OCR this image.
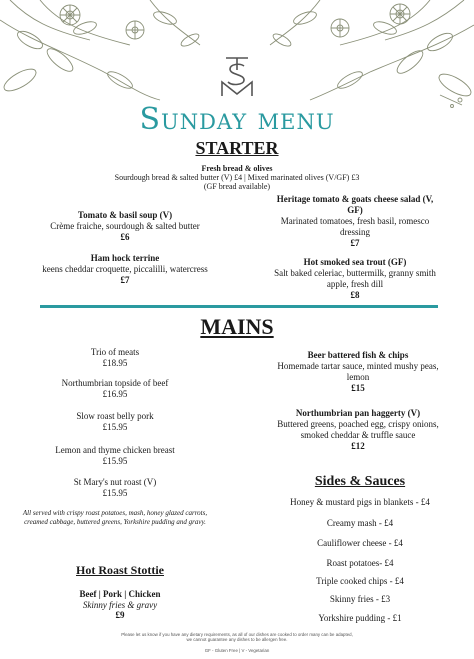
Sunday menu
STARTER
Fresh bread & olives
Sourdough bread & salted butter (V) £4 | Mixed marinated olives (V/GF) £3
(GF bread available)
Tomato & basil soup (V)
Crème fraiche, sourdough & salted butter
£6
Ham hock terrine
keens cheddar croquette, piccalilli, watercress
£7
Heritage tomato & goats cheese salad (V, GF)
Marinated tomatoes, fresh basil, romesco dressing
£7
Hot smoked sea trout (GF)
Salt baked celeriac, buttermilk, granny smith apple, fresh dill
£8
MAINS
Trio of meats
£18.95
Northumbrian topside of beef
£16.95
Slow roast belly pork
£15.95
Lemon and thyme chicken breast
£15.95
St Mary's nut roast (V)
£15.95
All served with crispy roast potatoes, mash, honey glazed carrots, creamed cabbage, buttered greens, Yorkshire pudding and gravy.
Beer battered fish & chips
Homemade tartar sauce, minted mushy peas, lemon
£15
Northumbrian pan haggerty (V)
Buttered greens, poached egg, crispy onions, smoked cheddar & truffle sauce
£12
Hot Roast Stottie
Beef | Pork | Chicken
Skinny fries & gravy
£9
Sides & Sauces
Honey & mustard pigs in blankets - £4
Creamy mash - £4
Cauliflower cheese - £4
Roast potatoes- £4
Triple cooked chips - £4
Skinny fries - £3
Yorkshire pudding - £1
Please let us know if you have any dietary requirements, as all of our dishes are cooked to order many can be adapted,
we cannot guarantee any dishes to be allergen free.
GF - Gluten Free | V - Vegetarian
